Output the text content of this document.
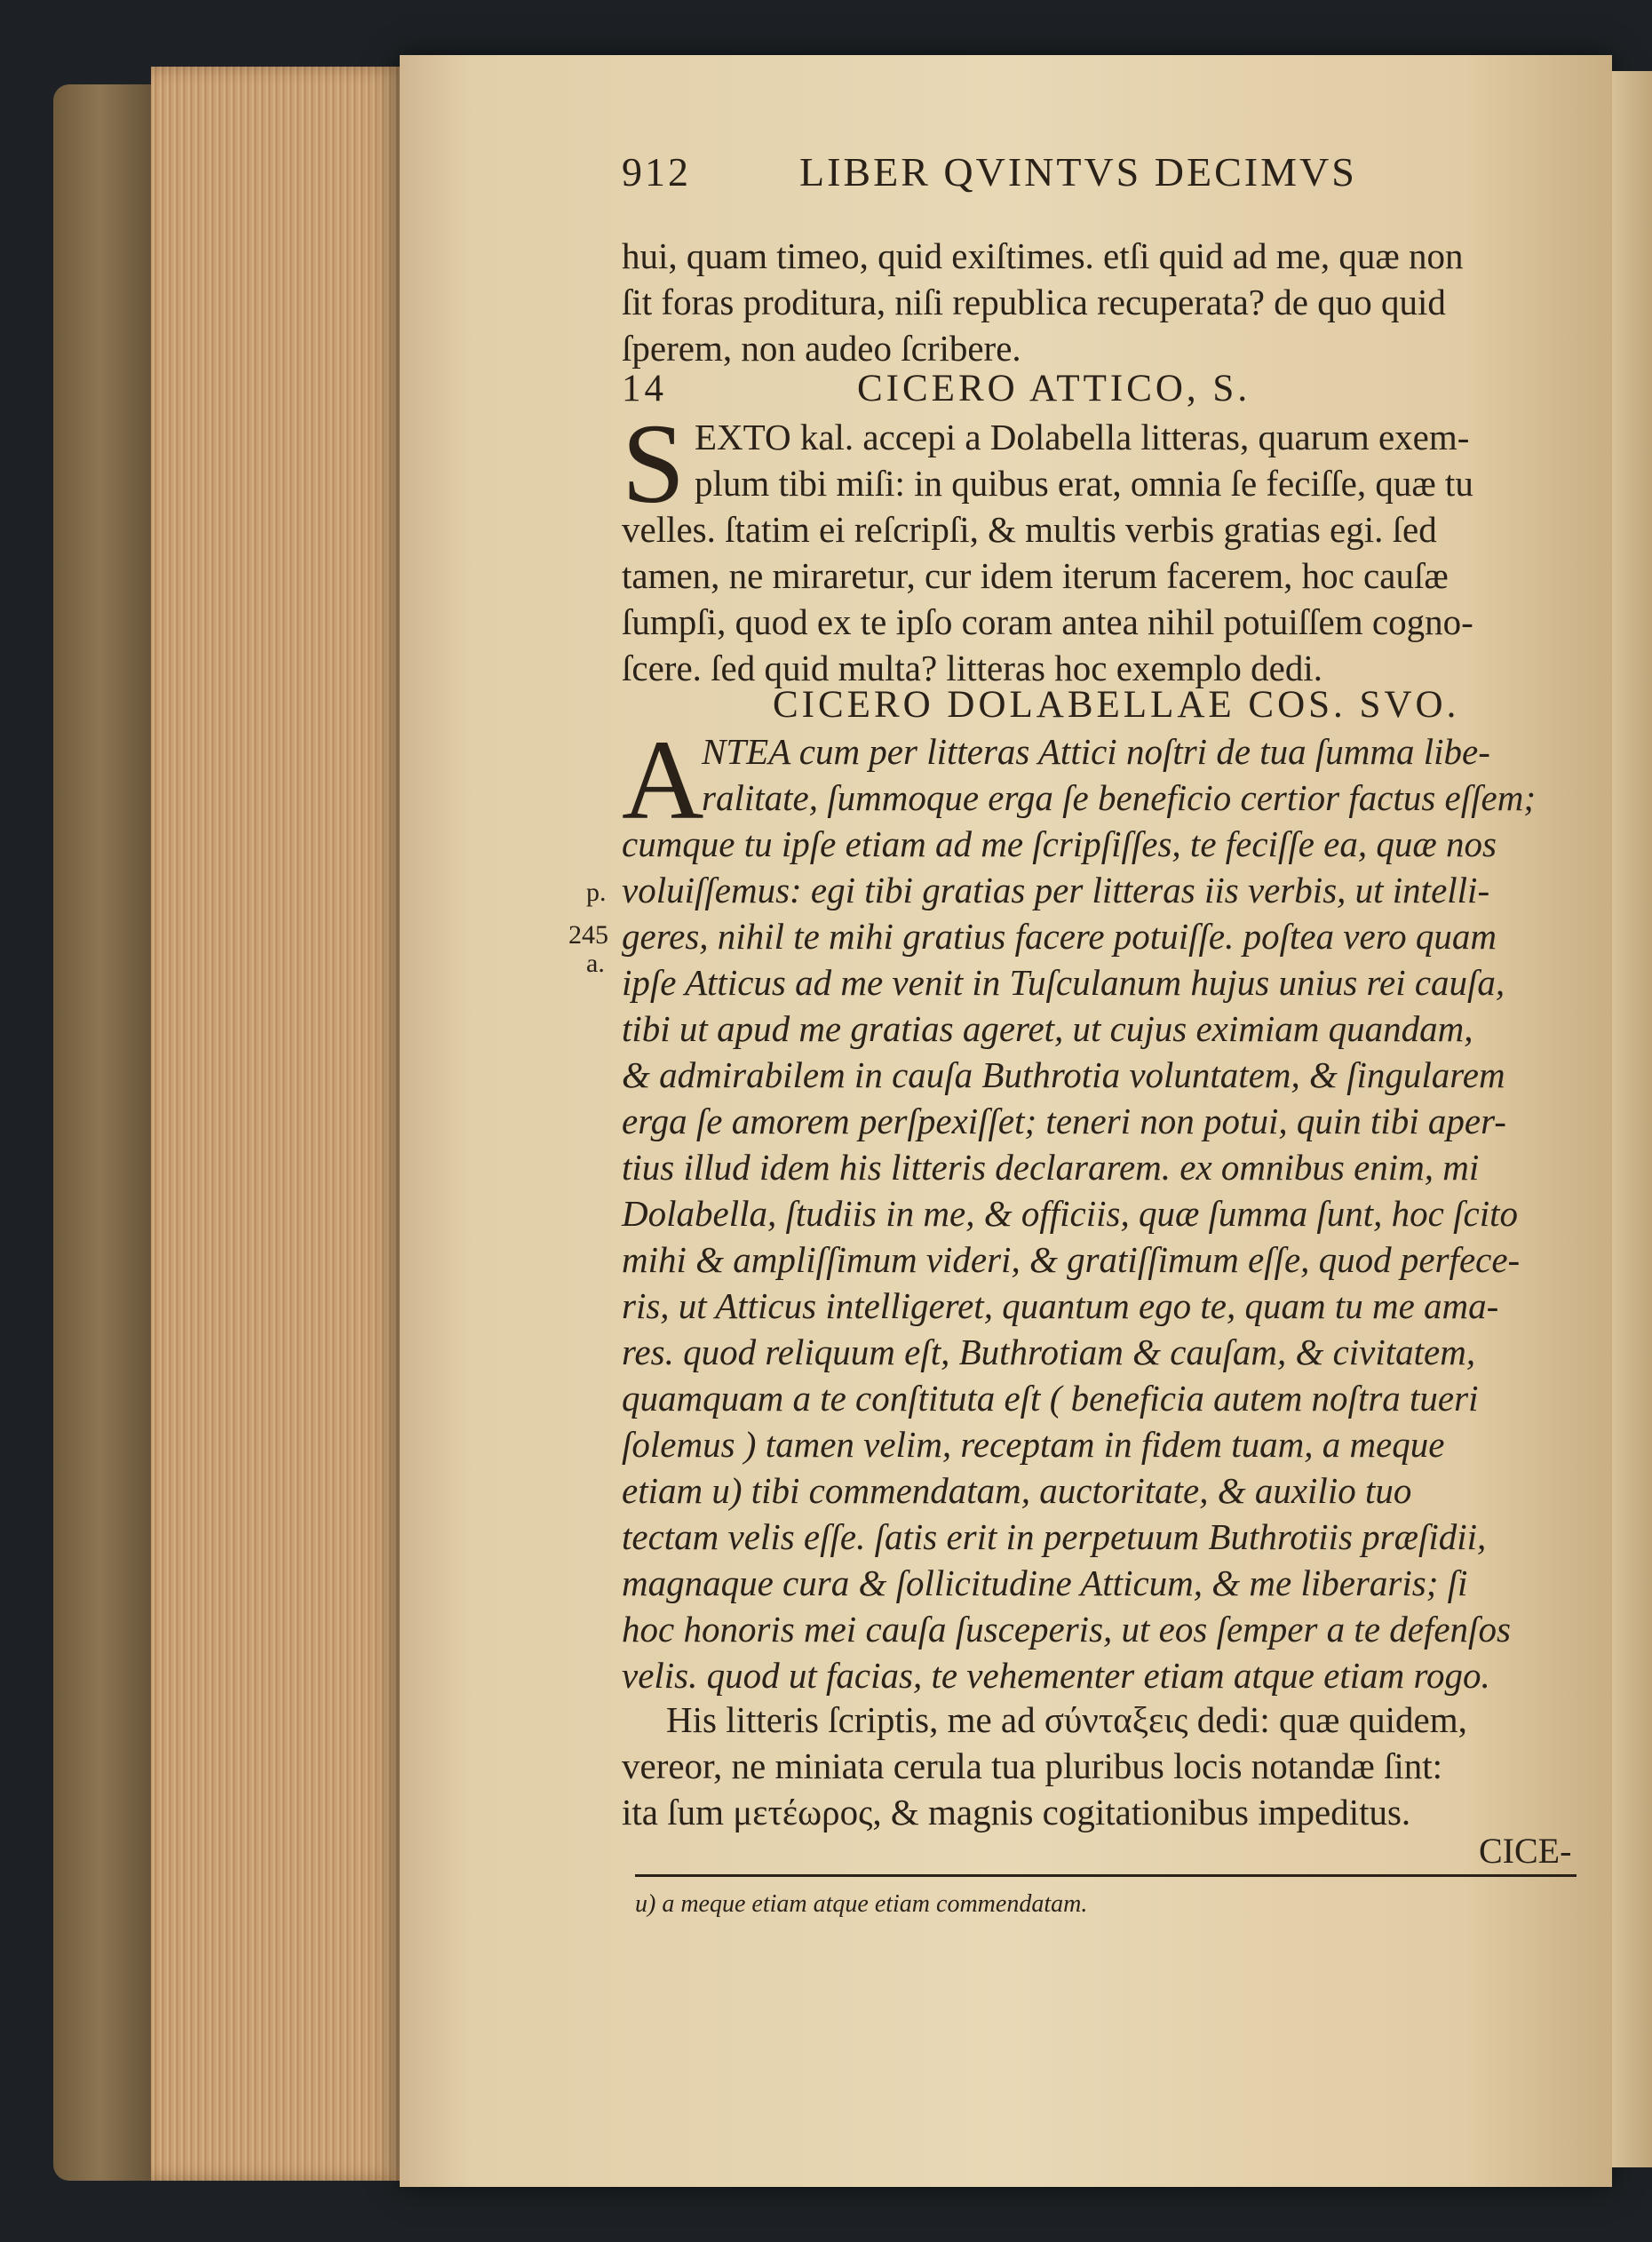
912	LIBER QVINTVS DECIMVS
hui, quam timeo, quid exiſtimes. etſi quid ad me, quæ non
ſit foras proditura, niſi republica recuperata? de quo quid
ſperem, non audeo ſcribere.
14	CICERO ATTICO, S.
S EXTO kal. accepi a Dolabella litteras, quarum exem-
plum tibi miſi: in quibus erat, omnia ſe feciſſe, quæ tu
velles. ſtatim ei reſcripſi, & multis verbis gratias egi. ſed
tamen, ne miraretur, cur idem iterum facerem, hoc cauſæ
ſumpſi, quod ex te ipſo coram antea nihil potuiſſem cogno-
ſcere. ſed quid multa? litteras hoc exemplo dedi.
CICERO DOLABELLAE COS. SVO.
A
NTEA cum per litteras Attici noſtri de tua ſumma libe-
ralitate, ſummoque erga ſe beneficio certior factus eſſem;
cumque tu ipſe etiam ad me ſcripſiſſes, te feciſſe ea, quæ nos
voluiſſemus: egi tibi gratias per litteras iis verbis, ut intelli-
geres, nihil te mihi gratius facere potuiſſe. poſtea vero quam
ipſe Atticus ad me venit in Tuſculanum hujus unius rei cauſa,
tibi ut apud me gratias ageret, ut cujus eximiam quandam,
& admirabilem in cauſa Buthrotia voluntatem, & ſingularem
erga ſe amorem perſpexiſſet; teneri non potui, quin tibi aper-
tius illud idem his litteris declararem. ex omnibus enim, mi
Dolabella, ſtudiis in me, & officiis, quæ ſumma ſunt, hoc ſcito
mihi & ampliſſimum videri, & gratiſſimum eſſe, quod perfece-
ris, ut Atticus intelligeret, quantum ego te, quam tu me ama-
res. quod reliquum eſt, Buthrotiam & cauſam, & civitatem,
quamquam a te conſtituta eſt ( beneficia autem noſtra tueri
ſolemus ) tamen velim, receptam in fidem tuam, a meque
etiam u) tibi commendatam, auctoritate, & auxilio tuo
tectam velis eſſe. ſatis erit in perpetuum Buthrotiis præſidii,
magnaque cura & ſollicitudine Atticum, & me liberaris; ſi
hoc honoris mei cauſa ſusceperis, ut eos ſemper a te defenſos
velis. quod ut facias, te vehementer etiam atque etiam rogo.
p.
245
a.
His litteris ſcriptis, me ad σύνταξεις dedi: quæ quidem,
vereor, ne miniata cerula tua pluribus locis notandæ ſint:
ita ſum μετέωρος, & magnis cogitationibus impeditus.
CICE-
u) a meque etiam atque etiam commendatam.
